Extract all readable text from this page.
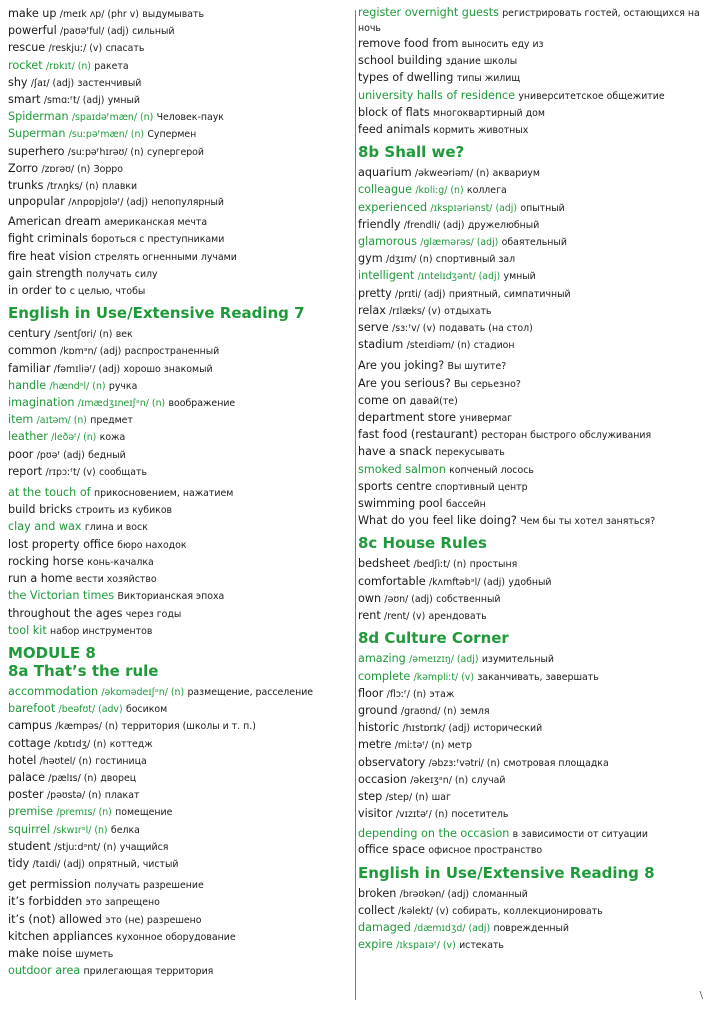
make up /meɪk ʌp/ (phr v) выдумывать
powerful /paʊəᶠful/ (adj) сильный
rescue /reskjuː/ (v) спасать
rocket /rɒkɪt/ (n) ракета
shy /ʃaɪ/ (adj) застенчивый
smart /smɑːᶠt/ (adj) умный
Spiderman /spaɪdəᶠmæn/ (n) Человек-паук
Superman /suːpəᶠmæn/ (n) Супермен
superhero /suːpəᶠhɪrəʊ/ (n) супергерой
Zorro /zɒrəʊ/ (n) Зорро
trunks /trʌŋks/ (n) плавки
unpopular /ʌnpɒpjʊləᶠ/ (adj) непопулярный
American dream американская мечта
fight criminals бороться с преступниками
fire heat vision стрелять огненными лучами
gain strength получать силу
in order to с целью, чтобы
English in Use/Extensive Reading 7
century /sentʃʊri/ (n) век
common /kɒmᵊn/ (adj) распространенный
familiar /fəmɪliəᶠ/ (adj) хорошо знакомый
handle /hændᵊl/ (n) ручка
imagination /ɪmædʒɪneɪʃᵊn/ (n) воображение
item /aɪtəm/ (n) предмет
leather /leðəᶠ/ (n) кожа
poor /pʊəᶠ (adj) бедный
report /rɪpɔːᶠt/ (v) сообщать
at the touch of прикосновением, нажатием
build bricks строить из кубиков
clay and wax глина и воск
lost property office бюро находок
rocking horse конь-качалка
run a home вести хозяйство
the Victorian times Викторианская эпоха
throughout the ages через годы
tool kit набор инструментов
MODULE 8
8a That’s the rule
accommodation /əkɒmədeɪʃᵊn/ (n) размещение, расселение
barefoot /beəfʊt/ (adv) босиком
campus /kæmpəs/ (n) территория (школы и т. п.)
cottage /kɒtɪdʒ/ (n) коттедж
hotel /həʊtel/ (n) гостиница
palace /pælɪs/ (n) дворец
poster /pəʊstə/ (n) плакат
premise /premɪs/ (n) помещение
squirrel /skwɪrᵊl/ (n) белка
student /stjuːdᵊnt/ (n) учащийся
tidy /taɪdi/ (adj) опрятный, чистый
get permission получать разрешение
it’s forbidden это запрещено
it’s (not) allowed это (не) разрешено
kitchen appliances кухонное оборудование
make noise шуметь
outdoor area прилегающая территория
register overnight guests регистрировать гостей, остающихся на ночь
remove food from выносить еду из
school building здание школы
types of dwelling типы жилищ
university halls of residence университетское общежитие
block of flats многоквартирный дом
feed animals кормить животных
8b Shall we?
aquarium /əkweəriəm/ (n) аквариум
colleague /kɒliːg/ (n) коллега
experienced /ɪkspɪəriənst/ (adj) опытный
friendly /frendli/ (adj) дружелюбный
glamorous /glæmərəs/ (adj) обаятельный
gym /dʒɪm/ (n) спортивный зал
intelligent /ɪntelɪdʒənt/ (adj) умный
pretty /prɪti/ (adj) приятный, симпатичный
relax /rɪlæks/ (v) отдыхать
serve /sɜːᶠv/ (v) подавать (на стол)
stadium /steɪdiəm/ (n) стадион
Are you joking? Вы шутите?
Are you serious? Вы серьезно?
come on давай(те)
department store универмаг
fast food (restaurant) ресторан быстрого обслуживания
have a snack перекусывать
smoked salmon копченый лосось
sports centre спортивный центр
swimming pool бассейн
What do you feel like doing? Чем бы ты хотел заняться?
8c House Rules
bedsheet /bedʃiːt/ (n) простыня
comfortable /kʌmftəbᵊl/ (adj) удобный
own /əʊn/ (adj) собственный
rent /rent/ (v) арендовать
8d Culture Corner
amazing /əmeɪzɪŋ/ (adj) изумительный
complete /kəmpliːt/ (v) заканчивать, завершать
floor /flɔːᶠ/ (n) этаж
ground /graʊnd/ (n) земля
historic /hɪstɒrɪk/ (adj) исторический
metre /miːtəᶠ/ (n) метр
observatory /əbzɜːᶠvətri/ (n) смотровая площадка
occasion /əkeɪʒᵊn/ (n) случай
step /step/ (n) шаг
visitor /vɪzɪtəᶠ/ (n) посетитель
depending on the occasion в зависимости от ситуации
office space офисное пространство
English in Use/Extensive Reading 8
broken /brəʊkən/ (adj) сломанный
collect /kəlekt/ (v) собирать, коллекционировать
damaged /dæmɪdʒd/ (adj) поврежденный
expire /ɪkspaɪəᶠ/ (v) истекать
\
